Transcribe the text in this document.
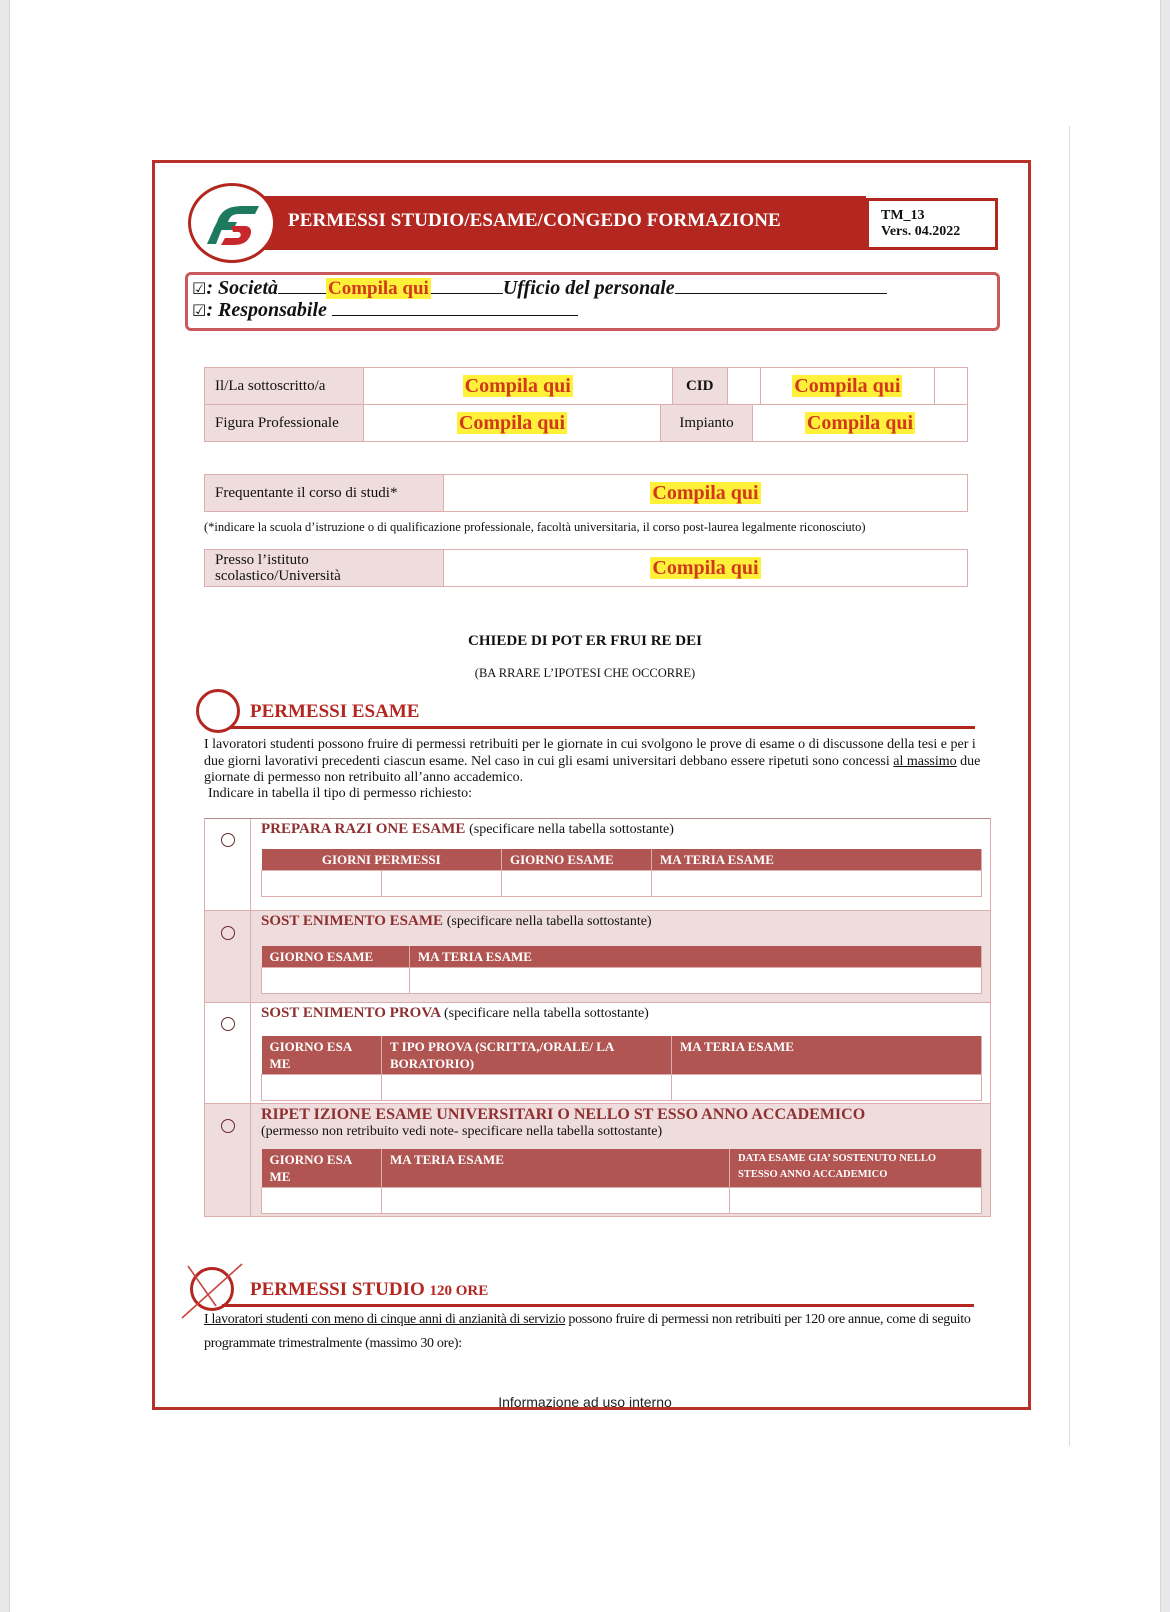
PERMESSI STUDIO/ESAME/CONGEDO FORMAZIONE	TM_13
Vers. 04.2022
☑: Società	Compila qui	Ufficio del personale
☑: Responsabile
Il/La sottoscritto/a	Compila qui	CID		Compila qui	
Figura Professionale	Compila qui	Impianto	Compila qui
Frequentante il corso di studi*	Compila qui
(*indicare la scuola d’istruzione o di qualificazione professionale, facoltà universitaria, il corso post-laurea legalmente riconosciuto)
Presso l’istituto scolastico/Università	Compila qui
CHIEDE DI POT ER FRUI RE DEI
(BA RRARE L’IPOTESI CHE OCCORRE)
PERMESSI ESAME
I lavoratori studenti possono fruire di permessi retribuiti per le giornate in cui svolgono le prove di esame o di discussone della tesi e per i due giorni lavorativi precedenti ciascun esame. Nel caso in cui gli esami universitari debbano essere ripetuti sono concessi al massimo due giornate di permesso non retribuito all’anno accademico.
Indicare in tabella il tipo di permesso richiesto:
PREPARA RAZI ONE ESAME (specificare nella tabella sottostante)
GIORNI PERMESSI		GIORNO ESAME	MA TERIA ESAME

SOST ENIMENTO ESAME (specificare nella tabella sottostante)
GIORNO ESAME	MA TERIA ESAME

SOST ENIMENTO PROVA (specificare nella tabella sottostante)
GIORNO ESA ME	T IPO PROVA (SCRITTA,/ORALE/ LA BORATORIO)	MA TERIA ESAME

RIPET IZIONE ESAME UNIVERSITARI O NELLO ST ESSO ANNO ACCADEMICO
(permesso non retribuito vedi note- specificare nella tabella sottostante)
GIORNO ESA ME	MA TERIA ESAME	DATA ESAME GIA’ SOSTENUTO NELLO STESSO ANNO ACCADEMICO

PERMESSI STUDIO 120 ORE
I lavoratori studenti con meno di cinque anni di anzianità di servizio possono fruire di permessi non retribuiti per 120 ore annue, come di seguito programmate trimestralmente (massimo 30 ore):
Informazione ad uso interno
